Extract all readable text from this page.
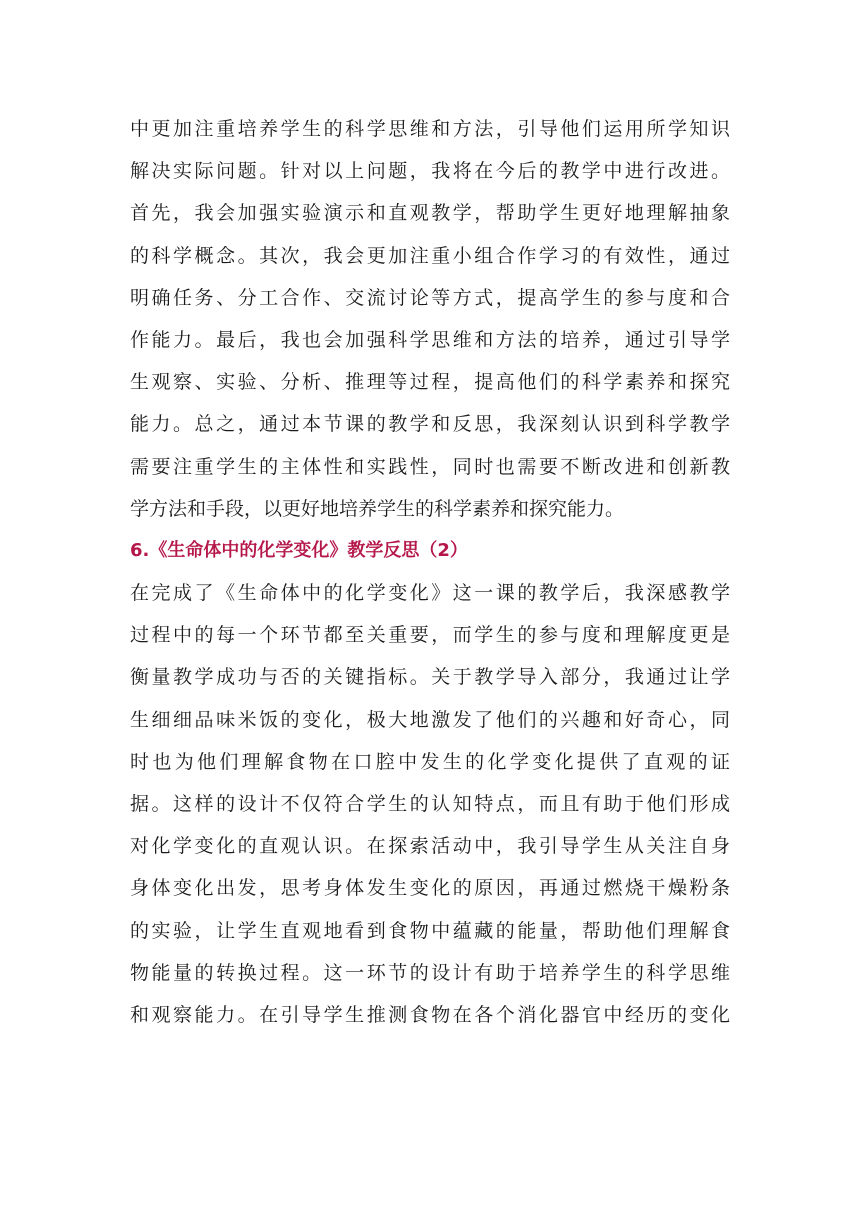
中更加注重培养学生的科学思维和方法，引导他们运用所学知识
解决实际问题。针对以上问题，我将在今后的教学中进行改进。
首先，我会加强实验演示和直观教学，帮助学生更好地理解抽象
的科学概念。其次，我会更加注重小组合作学习的有效性，通过
明确任务、分工合作、交流讨论等方式，提高学生的参与度和合
作能力。最后，我也会加强科学思维和方法的培养，通过引导学
生观察、实验、分析、推理等过程，提高他们的科学素养和探究
能力。总之，通过本节课的教学和反思，我深刻认识到科学教学
需要注重学生的主体性和实践性，同时也需要不断改进和创新教
学方法和手段，以更好地培养学生的科学素养和探究能力。
6.《生命体中的化学变化》教学反思（2）
在完成了《生命体中的化学变化》这一课的教学后，我深感教学
过程中的每一个环节都至关重要，而学生的参与度和理解度更是
衡量教学成功与否的关键指标。关于教学导入部分，我通过让学
生细细品味米饭的变化，极大地激发了他们的兴趣和好奇心，同
时也为他们理解食物在口腔中发生的化学变化提供了直观的证
据。这样的设计不仅符合学生的认知特点，而且有助于他们形成
对化学变化的直观认识。在探索活动中，我引导学生从关注自身
身体变化出发，思考身体发生变化的原因，再通过燃烧干燥粉条
的实验，让学生直观地看到食物中蕴藏的能量，帮助他们理解食
物能量的转换过程。这一环节的设计有助于培养学生的科学思维
和观察能力。在引导学生推测食物在各个消化器官中经历的变化
